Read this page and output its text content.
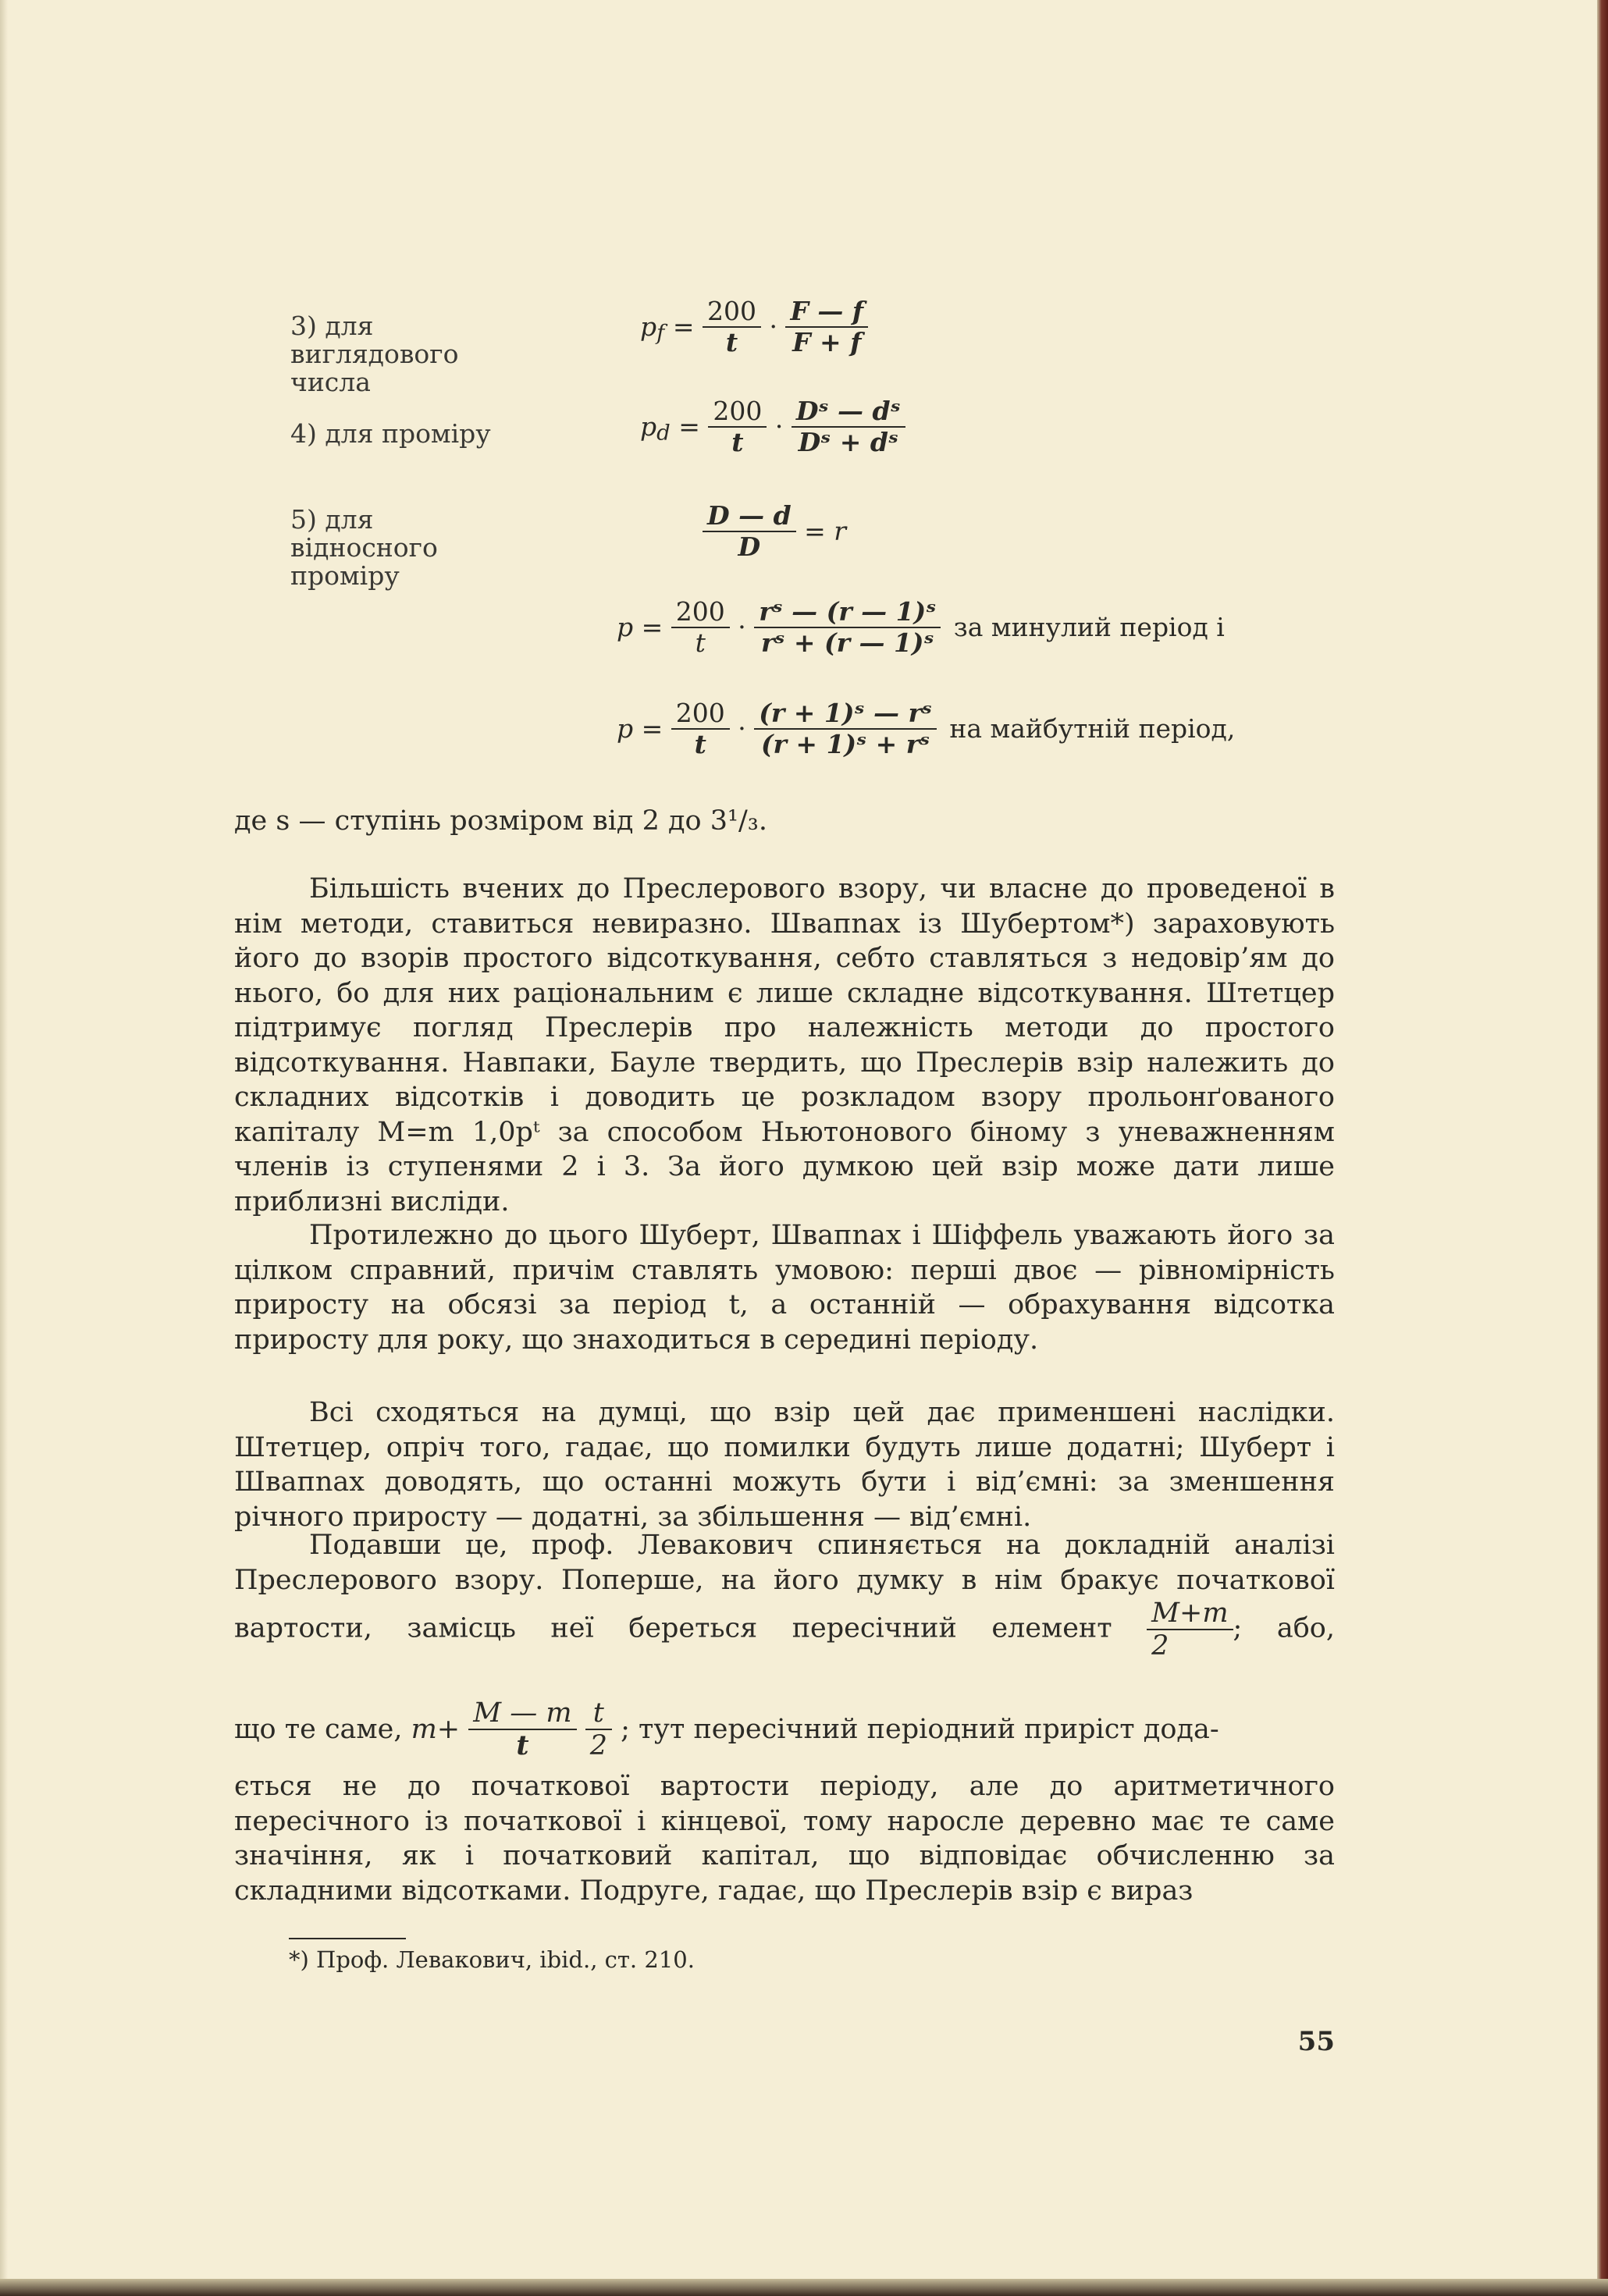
3) для виглядового числа
$p_f = \frac{200}{t} \cdot \frac{F — f}{F + f}$
4) для проміру	$p_d = \frac{200}{t} \cdot \frac{\text{Dˢ — dˢ}}{\text{Dˢ + dˢ}}$
5) для відносного проміру
$\frac{D — d}{D} = r$
$p = \frac{200}{t} \cdot \frac{\text{rˢ — (r — 1)ˢ}}{\text{rˢ + (r — 1)ˢ}}$ за минулий період і
$p = \frac{200}{t} \cdot \frac{\text{(r + 1)ˢ — rˢ}}{\text{(r + 1)ˢ + rˢ}}$ на майбутній період,
де s — ступінь розміром від 2 до 3¹/₃.

Більшість вчених до Преслерового взору, чи власне до проведеної в нім методи, ставиться невиразно. Швапnах із Шубертом*) зараховують його до взорів простого відсоткування, себто ставляться з недовір’ям до нього, бо для них раціональним є лише складне відсоткування. Штетцер підтримує погляд Преслерів про належність методи до простого відсоткування. Навпаки, Бауле твердить, що Преслерів взір належить до складних відсотків і доводить це розкладом взору прольонґованого капіталу M=m 1,0pᵗ за способом Ньютонового біному з уневажненням членів із ступенями 2 і 3. За його думкою цей взір може дати лише приблизні висліди.

Протилежно до цього Шуберт, Швапnах і Шіффель уважають його за цілком справний, причім ставлять умовою: перші двоє — рівномірність приросту на обсязі за період t, а останній — обрахування відсотка приросту для року, що знаходиться в середині періоду.

Всі сходяться на думці, що взір цей дає применшені наслідки. Штетцер, опріч того, гадає, що помилки будуть лише додатні; Шуберт і Швапnах доводять, що останні можуть бути і від’ємні: за зменшення річного приросту — додатні, за збільшення — від’ємні.

Подавши це, проф. Левакович спиняється на докладній аналізі Преслерового взору. Поперше, на його думку в нім бракує початкової вартости, замісць неї береться пересічний елемент $\frac{M+m}{2}$ ; або,

що те саме, $m+ \frac{M — m}{t}$
$\frac{t}{2}$ ; тут пересічний періодний приріст дода-

ється не до початкової вартости періоду, але до аритметичного пересічного із початкової і кінцевої, тому наросле деревно має те саме значіння, як і початковий капітал, що відповідає обчисленню за складними відсотками. Подруге, гадає, що Преслерів взір є вираз

*) Проф. Левакович, ibid., ст. 210.
55
